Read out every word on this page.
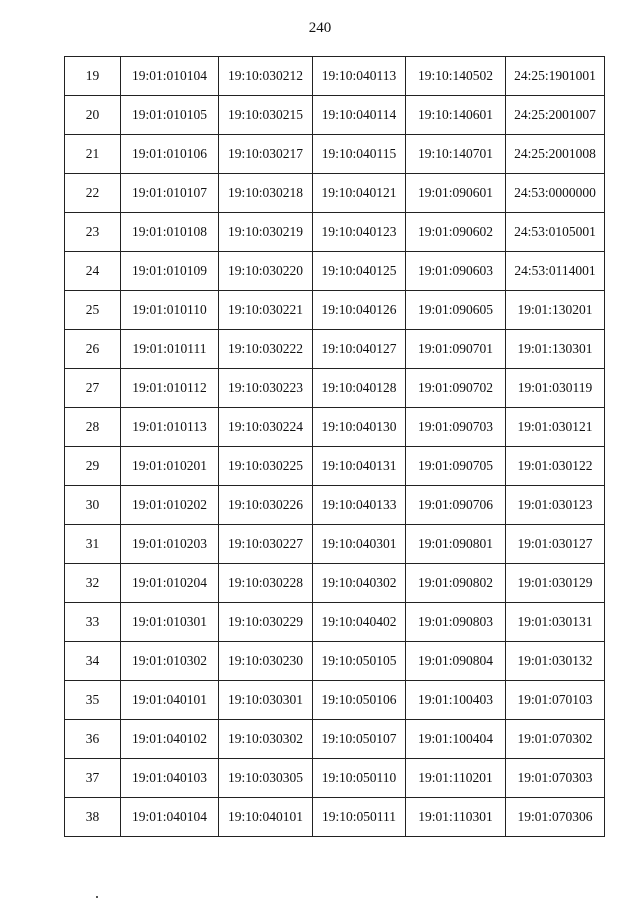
240
19	19:01:010104	19:10:030212	19:10:040113	19:10:140502	24:25:1901001
20	19:01:010105	19:10:030215	19:10:040114	19:10:140601	24:25:2001007
21	19:01:010106	19:10:030217	19:10:040115	19:10:140701	24:25:2001008
22	19:01:010107	19:10:030218	19:10:040121	19:01:090601	24:53:0000000
23	19:01:010108	19:10:030219	19:10:040123	19:01:090602	24:53:0105001
24	19:01:010109	19:10:030220	19:10:040125	19:01:090603	24:53:0114001
25	19:01:010110	19:10:030221	19:10:040126	19:01:090605	19:01:130201
26	19:01:010111	19:10:030222	19:10:040127	19:01:090701	19:01:130301
27	19:01:010112	19:10:030223	19:10:040128	19:01:090702	19:01:030119
28	19:01:010113	19:10:030224	19:10:040130	19:01:090703	19:01:030121
29	19:01:010201	19:10:030225	19:10:040131	19:01:090705	19:01:030122
30	19:01:010202	19:10:030226	19:10:040133	19:01:090706	19:01:030123
31	19:01:010203	19:10:030227	19:10:040301	19:01:090801	19:01:030127
32	19:01:010204	19:10:030228	19:10:040302	19:01:090802	19:01:030129
33	19:01:010301	19:10:030229	19:10:040402	19:01:090803	19:01:030131
34	19:01:010302	19:10:030230	19:10:050105	19:01:090804	19:01:030132
35	19:01:040101	19:10:030301	19:10:050106	19:01:100403	19:01:070103
36	19:01:040102	19:10:030302	19:10:050107	19:01:100404	19:01:070302
37	19:01:040103	19:10:030305	19:10:050110	19:01:110201	19:01:070303
38	19:01:040104	19:10:040101	19:10:050111	19:01:110301	19:01:070306
